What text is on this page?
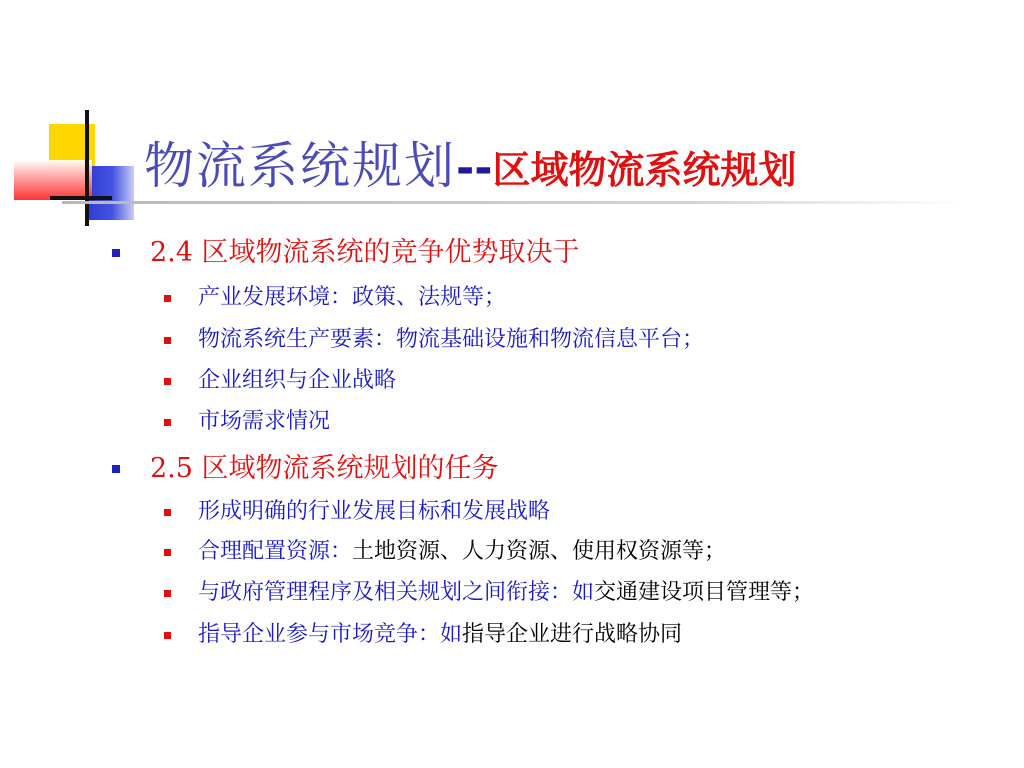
物流系统规划--区域物流系统规划
2.4 区域物流系统的竞争优势取决于
产业发展环境：政策、法规等；
物流系统生产要素：物流基础设施和物流信息平台；
企业组织与企业战略
市场需求情况
2.5 区域物流系统规划的任务
形成明确的行业发展目标和发展战略
合理配置资源：土地资源、人力资源、使用权资源等；
与政府管理程序及相关规划之间衔接：如交通建设项目管理等；
指导企业参与市场竞争：如指导企业进行战略协同
